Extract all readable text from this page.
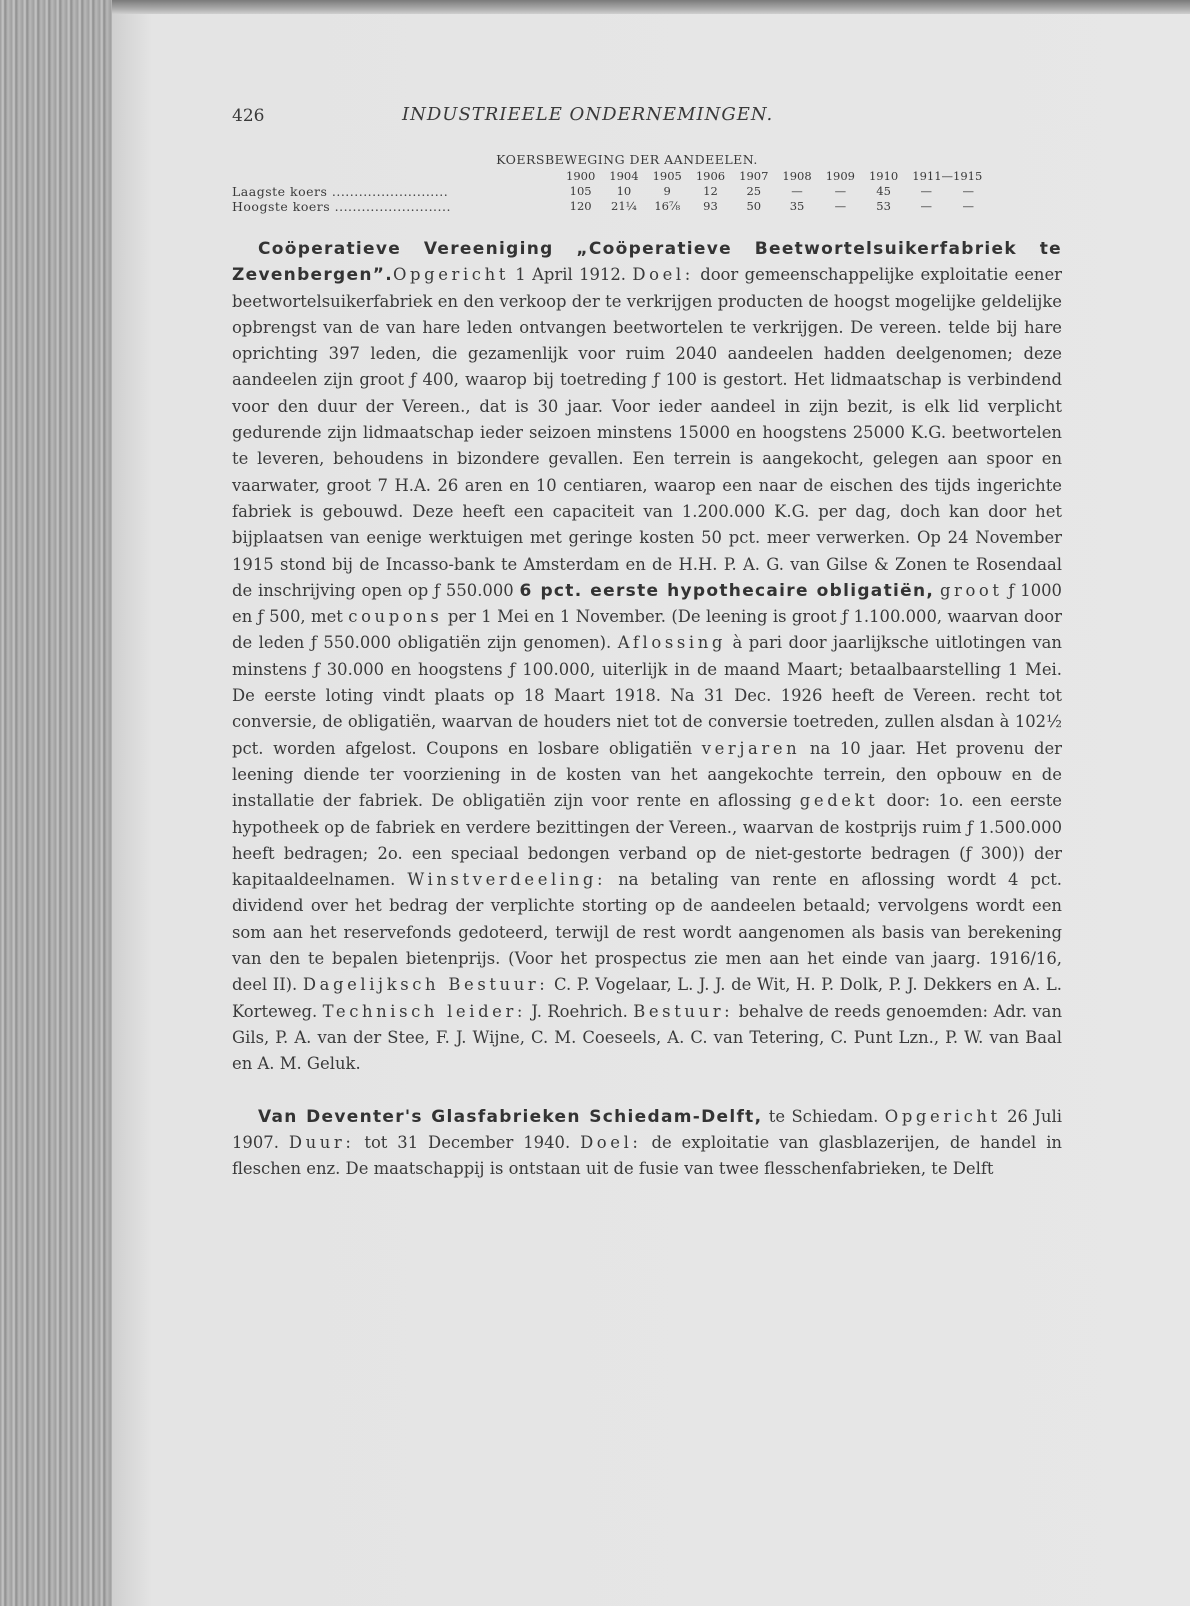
426	INDUSTRIEELE ONDERNEMINGEN.
KOERSBEWEGING DER AANDEELEN.
	1900	1904	1905	1906	1907	1908	1909	1910	1911—1915	
Laagste koers ..........................	105	10	9	12	25	—	—	45	—	—
Hoogste koers ..........................	120	21¼	16⅞	93	50	35	—	53	—	—

Coöperatieve Vereeniging „Coöperatieve Beetwortelsuikerfabriek te Zevenbergen”.Opgericht 1 April 1912. Doel: door gemeenschappelijke exploitatie eener beetwortelsuikerfabriek en den verkoop der te verkrijgen producten de hoogst mogelijke geldelijke opbrengst van de van hare leden ontvangen beetwortelen te verkrijgen. De vereen. telde bij hare oprichting 397 leden, die gezamenlijk voor ruim 2040 aandeelen hadden deelgenomen; deze aandeelen zijn groot ƒ 400, waarop bij toetreding ƒ 100 is gestort. Het lidmaatschap is verbindend voor den duur der Vereen., dat is 30 jaar. Voor ieder aandeel in zijn bezit, is elk lid verplicht gedurende zijn lidmaatschap ieder seizoen minstens 15000 en hoogstens 25000 K.G. beetwortelen te leveren, behoudens in bizondere gevallen. Een terrein is aangekocht, gelegen aan spoor en vaarwater, groot 7 H.A. 26 aren en 10 centiaren, waarop een naar de eischen des tijds ingerichte fabriek is gebouwd. Deze heeft een capaciteit van 1.200.000 K.G. per dag, doch kan door het bijplaatsen van eenige werktuigen met geringe kosten 50 pct. meer verwerken. Op 24 November 1915 stond bij de Incasso-bank te Amsterdam en de H.H. P. A. G. van Gilse & Zonen te Rosendaal de inschrijving open op ƒ 550.000 6 pct. eerste hypothecaire obligatiën, groot ƒ 1000 en ƒ 500, met coupons per 1 Mei en 1 November. (De leening is groot ƒ 1.100.000, waarvan door de leden ƒ 550.000 obligatiën zijn genomen). Aflossing à pari door jaarlijksche uitlotingen van minstens ƒ 30.000 en hoogstens ƒ 100.000, uiterlijk in de maand Maart; betaalbaarstelling 1 Mei. De eerste loting vindt plaats op 18 Maart 1918. Na 31 Dec. 1926 heeft de Vereen. recht tot conversie, de obligatiën, waarvan de houders niet tot de conversie toetreden, zullen alsdan à 102½ pct. worden afgelost. Coupons en losbare obligatiën verjaren na 10 jaar. Het provenu der leening diende ter voorziening in de kosten van het aangekochte terrein, den opbouw en de installatie der fabriek. De obligatiën zijn voor rente en aflossing gedekt door: 1o. een eerste hypotheek op de fabriek en verdere bezittingen der Vereen., waarvan de kostprijs ruim ƒ 1.500.000 heeft bedragen; 2o. een speciaal bedongen verband op de niet-gestorte bedragen (ƒ 300)) der kapitaaldeelnamen. Winstverdeeling: na betaling van rente en aflossing wordt 4 pct. dividend over het bedrag der verplichte storting op de aandeelen betaald; vervolgens wordt een som aan het reservefonds gedoteerd, terwijl de rest wordt aangenomen als basis van berekening van den te bepalen bietenprijs. (Voor het prospectus zie men aan het einde van jaarg. 1916/16, deel II). Dagelijksch Bestuur: C. P. Vogelaar, L. J. J. de Wit, H. P. Dolk, P. J. Dekkers en A. L. Korteweg. Technisch leider: J. Roehrich. Bestuur: behalve de reeds genoemden: Adr. van Gils, P. A. van der Stee, F. J. Wijne, C. M. Coeseels, A. C. van Tetering, C. Punt Lzn., P. W. van Baal en A. M. Geluk.

Van Deventer's Glasfabrieken Schiedam-Delft, te Schiedam. Opgericht 26 Juli 1907. Duur: tot 31 December 1940. Doel: de exploitatie van glasblazerijen, de handel in fleschen enz. De maatschappij is ontstaan uit de fusie van twee flesschenfabrieken, te Delft
